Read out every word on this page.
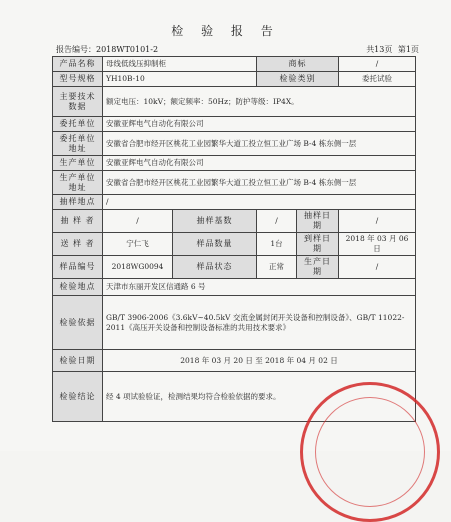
检 验 报 告
报告编号：2018WT0101-2	共13页 第1页
产品名称	母线低线压抑制柜		商标		/
型号规格	YH10B-10		检验类别		委托试验
主要技术数据	额定电压：10kV；额定频率：50Hz；防护等级：IP4X。				
委托单位	安徽亚辉电气自动化有限公司				
委托单位地址	安徽省合肥市经开区桃花工业园繁华大道工投立恒工业广场 B-4 栋东侧一层				
生产单位	安徽亚辉电气自动化有限公司				
生产单位地址	安徽省合肥市经开区桃花工业园繁华大道工投立恒工业广场 B-4 栋东侧一层				
抽样地点	/				
抽 样 者	/	抽样基数	/	抽样日期	/
送 样 者	宁仁飞	样品数量	1台	到样日期	2018 年 03 月 06 日
样品编号	2018WG0094	样品状态	正常	生产日期	/
检验地点	天津市东丽开发区信通路 6 号				
检验依据	GB/T 3906-2006《3.6kV~40.5kV 交流金属封闭开关设备和控制设备》、GB/T 11022-2011《高压开关设备和控制设备标准的共用技术要求》				
检验日期	2018 年 03 月 20 日 至 2018 年 04 月 02 日				
检验结论	经 4 项试验验证，检测结果均符合检验依据的要求。				
